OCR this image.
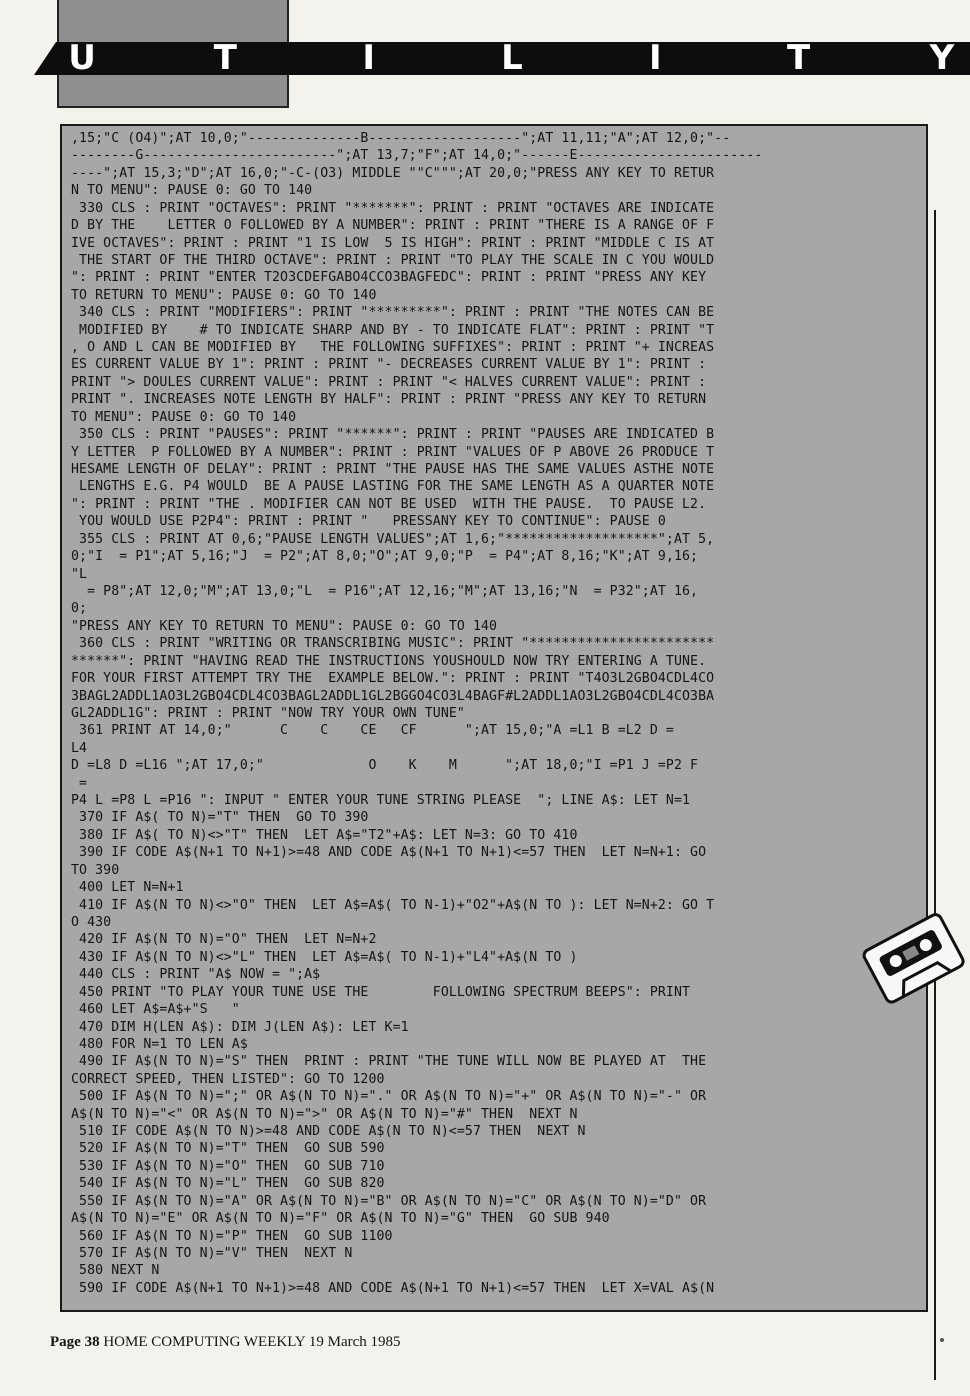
U	T	I	L	I	T	Y
,15;"C (O4)";AT 10,0;"--------------B-------------------";AT 11,11;"A";AT 12,0;"--
--------G------------------------";AT 13,7;"F";AT 14,0;"------E-----------------------
----";AT 15,3;"D";AT 16,0;"-C-(O3) MIDDLE ""C""";AT 20,0;"PRESS ANY KEY TO RETUR
N TO MENU": PAUSE 0: GO TO 140
330 CLS : PRINT "OCTAVES": PRINT "*******": PRINT : PRINT "OCTAVES ARE INDICATE
D BY THE    LETTER O FOLLOWED BY A NUMBER": PRINT : PRINT "THERE IS A RANGE OF F
IVE OCTAVES": PRINT : PRINT "1 IS LOW  5 IS HIGH": PRINT : PRINT "MIDDLE C IS AT
THE START OF THE THIRD OCTAVE": PRINT : PRINT "TO PLAY THE SCALE IN C YOU WOULD
": PRINT : PRINT "ENTER T2O3CDEFGABO4CCO3BAGFEDC": PRINT : PRINT "PRESS ANY KEY
TO RETURN TO MENU": PAUSE 0: GO TO 140
340 CLS : PRINT "MODIFIERS": PRINT "*********": PRINT : PRINT "THE NOTES CAN BE
MODIFIED BY    # TO INDICATE SHARP AND BY - TO INDICATE FLAT": PRINT : PRINT "T
, O AND L CAN BE MODIFIED BY   THE FOLLOWING SUFFIXES": PRINT : PRINT "+ INCREAS
ES CURRENT VALUE BY 1": PRINT : PRINT "- DECREASES CURRENT VALUE BY 1": PRINT :
PRINT "> DOULES CURRENT VALUE": PRINT : PRINT "< HALVES CURRENT VALUE": PRINT :
PRINT ". INCREASES NOTE LENGTH BY HALF": PRINT : PRINT "PRESS ANY KEY TO RETURN
TO MENU": PAUSE 0: GO TO 140
350 CLS : PRINT "PAUSES": PRINT "******": PRINT : PRINT "PAUSES ARE INDICATED B
Y LETTER  P FOLLOWED BY A NUMBER": PRINT : PRINT "VALUES OF P ABOVE 26 PRODUCE T
HESAME LENGTH OF DELAY": PRINT : PRINT "THE PAUSE HAS THE SAME VALUES ASTHE NOTE
LENGTHS E.G. P4 WOULD  BE A PAUSE LASTING FOR THE SAME LENGTH AS A QUARTER NOTE
": PRINT : PRINT "THE . MODIFIER CAN NOT BE USED  WITH THE PAUSE.  TO PAUSE L2.
YOU WOULD USE P2P4": PRINT : PRINT "   PRESSANY KEY TO CONTINUE": PAUSE 0
355 CLS : PRINT AT 0,6;"PAUSE LENGTH VALUES";AT 1,6;"*******************";AT 5,
0;"I  = P1";AT 5,16;"J  = P2";AT 8,0;"O";AT 9,0;"P  = P4";AT 8,16;"K";AT 9,16;
"L
= P8";AT 12,0;"M";AT 13,0;"L  = P16";AT 12,16;"M";AT 13,16;"N  = P32";AT 16,
0;
"PRESS ANY KEY TO RETURN TO MENU": PAUSE 0: GO TO 140
360 CLS : PRINT "WRITING OR TRANSCRIBING MUSIC": PRINT "***********************
******": PRINT "HAVING READ THE INSTRUCTIONS YOUSHOULD NOW TRY ENTERING A TUNE.
FOR YOUR FIRST ATTEMPT TRY THE  EXAMPLE BELOW.": PRINT : PRINT "T4O3L2GBO4CDL4CO
3BAGL2ADDL1AO3L2GBO4CDL4CO3BAGL2ADDL1GL2BGGO4CO3L4BAGF#L2ADDL1AO3L2GBO4CDL4CO3BA
GL2ADDL1G": PRINT : PRINT "NOW TRY YOUR OWN TUNE"
361 PRINT AT 14,0;"      C    C    CE   CF      ";AT 15,0;"A =L1 B =L2 D =
L4
D =L8 D =L16 ";AT 17,0;"             O    K    M      ";AT 18,0;"I =P1 J =P2 F
=
P4 L =P8 L =P16 ": INPUT " ENTER YOUR TUNE STRING PLEASE  "; LINE A$: LET N=1
370 IF A$( TO N)="T" THEN  GO TO 390
380 IF A$( TO N)<>"T" THEN  LET A$="T2"+A$: LET N=3: GO TO 410
390 IF CODE A$(N+1 TO N+1)>=48 AND CODE A$(N+1 TO N+1)<=57 THEN  LET N=N+1: GO
TO 390
400 LET N=N+1
410 IF A$(N TO N)<>"O" THEN  LET A$=A$( TO N-1)+"O2"+A$(N TO ): LET N=N+2: GO T
O 430
420 IF A$(N TO N)="O" THEN  LET N=N+2
430 IF A$(N TO N)<>"L" THEN  LET A$=A$( TO N-1)+"L4"+A$(N TO )
440 CLS : PRINT "A$ NOW = ";A$
450 PRINT "TO PLAY YOUR TUNE USE THE        FOLLOWING SPECTRUM BEEPS": PRINT
460 LET A$=A$+"S   "
470 DIM H(LEN A$): DIM J(LEN A$): LET K=1
480 FOR N=1 TO LEN A$
490 IF A$(N TO N)="S" THEN  PRINT : PRINT "THE TUNE WILL NOW BE PLAYED AT  THE
CORRECT SPEED, THEN LISTED": GO TO 1200
500 IF A$(N TO N)=";" OR A$(N TO N)="." OR A$(N TO N)="+" OR A$(N TO N)="-" OR
A$(N TO N)="<" OR A$(N TO N)=">" OR A$(N TO N)="#" THEN  NEXT N
510 IF CODE A$(N TO N)>=48 AND CODE A$(N TO N)<=57 THEN  NEXT N
520 IF A$(N TO N)="T" THEN  GO SUB 590
530 IF A$(N TO N)="O" THEN  GO SUB 710
540 IF A$(N TO N)="L" THEN  GO SUB 820
550 IF A$(N TO N)="A" OR A$(N TO N)="B" OR A$(N TO N)="C" OR A$(N TO N)="D" OR
A$(N TO N)="E" OR A$(N TO N)="F" OR A$(N TO N)="G" THEN  GO SUB 940
560 IF A$(N TO N)="P" THEN  GO SUB 1100
570 IF A$(N TO N)="V" THEN  NEXT N
580 NEXT N
590 IF CODE A$(N+1 TO N+1)>=48 AND CODE A$(N+1 TO N+1)<=57 THEN  LET X=VAL A$(N
Page 38 HOME COMPUTING WEEKLY 19 March 1985
